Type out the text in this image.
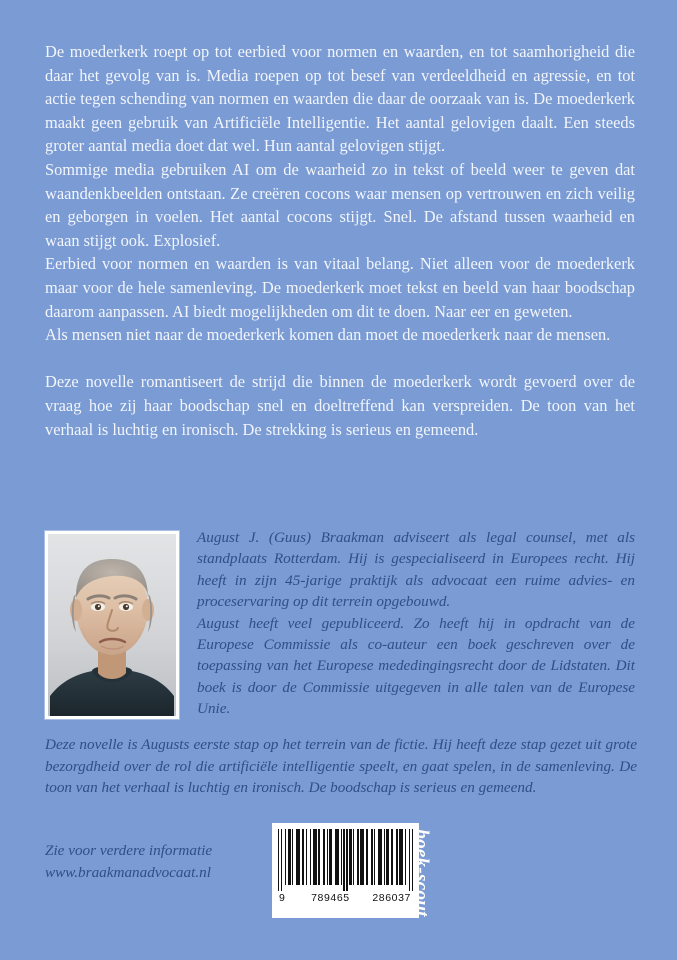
De moederkerk roept op tot eerbied voor normen en waarden, en tot saamhorigheid die daar het gevolg van is. Media roepen op tot besef van verdeeldheid en agressie, en tot actie tegen schending van normen en waarden die daar de oorzaak van is. De moederkerk maakt geen gebruik van Artificiële Intelligentie. Het aantal gelovigen daalt. Een steeds groter aantal media doet dat wel. Hun aantal gelovigen stijgt.

Sommige media gebruiken AI om de waarheid zo in tekst of beeld weer te geven dat waandenkbeelden ontstaan. Ze creëren cocons waar mensen op vertrouwen en zich veilig en geborgen in voelen. Het aantal cocons stijgt. Snel. De afstand tussen waarheid en waan stijgt ook. Explosief.

Eerbied voor normen en waarden is van vitaal belang. Niet alleen voor de moederkerk maar voor de hele samenleving. De moederkerk moet tekst en beeld van haar boodschap daarom aanpassen. AI biedt mogelijkheden om dit te doen. Naar eer en geweten.

Als mensen niet naar de moederkerk komen dan moet de moederkerk naar de mensen.

Deze novelle romantiseert de strijd die binnen de moederkerk wordt gevoerd over de vraag hoe zij haar boodschap snel en doeltreffend kan verspreiden. De toon van het verhaal is luchtig en ironisch. De strekking is serieus en gemeend.

August J. (Guus) Braakman adviseert als legal counsel, met als standplaats Rotterdam. Hij is gespecialiseerd in Europees recht. Hij heeft in zijn 45-jarige praktijk als advocaat een ruime advies- en proceservaring op dit terrein opgebouwd.

August heeft veel gepubliceerd. Zo heeft hij in opdracht van de Europese Commissie als co-auteur een boek geschreven over de toepassing van het Europese mededingingsrecht door de Lidstaten. Dit boek is door de Commissie uitgegeven in alle talen van de Europese Unie.

Deze novelle is Augusts eerste stap op het terrein van de fictie. Hij heeft deze stap gezet uit grote bezorgdheid over de rol die artificiële intelligentie speelt, en gaat spelen, in de samenleving. De toon van het verhaal is luchtig en ironisch. De boodschap is serieus en gemeend.

Zie voor verdere informatie
www.braakmanadvocaat.nl
9 789465 286037 boek-scout
